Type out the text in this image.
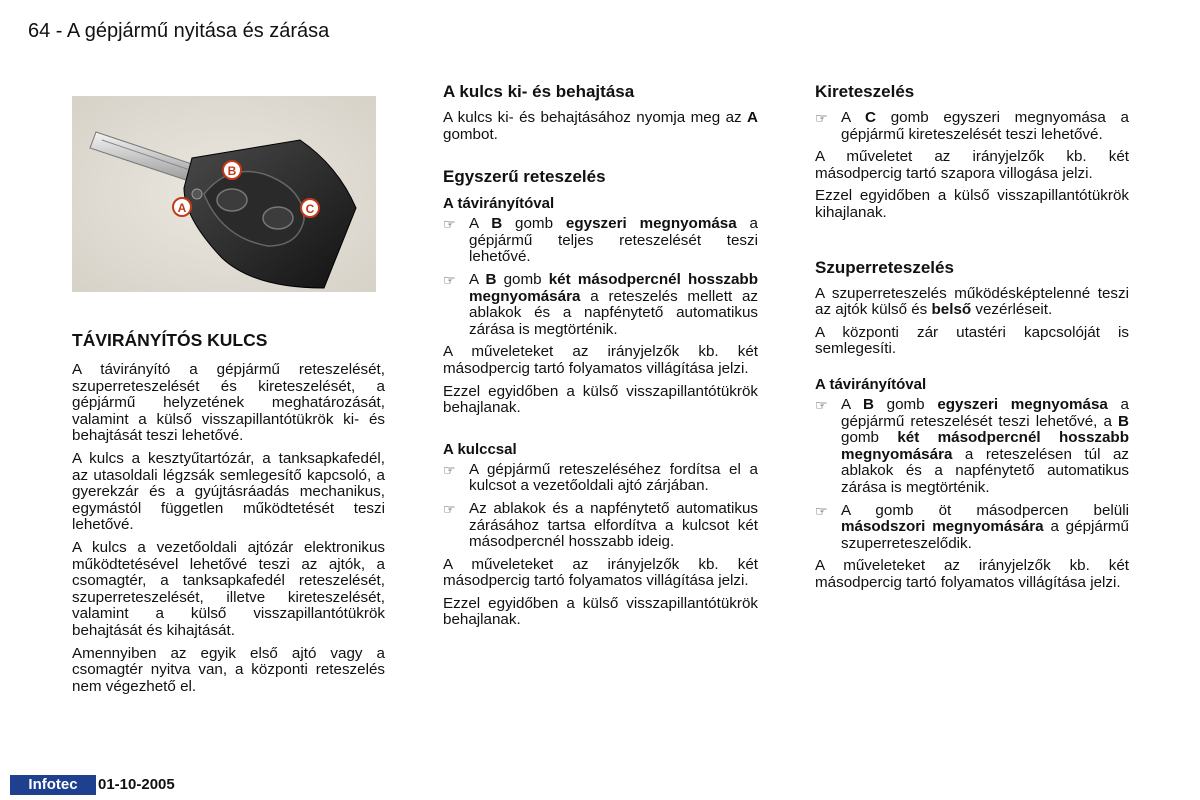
64 - A gépjármű nyitása és zárása
A
B
C
TÁVIRÁNYÍTÓS KULCS

A távirányító a gépjármű reteszelését, szuperreteszelését és kireteszelését, a gépjármű helyzetének meghatározását, valamint a külső visszapillantótükrök ki- és behajtását teszi lehetővé.

A kulcs a kesztyűtartózár, a tanksapkafedél, az utasoldali légzsák semlegesítő kapcsoló, a gyerekzár és a gyújtásráadás mechanikus, egymástól független működtetését teszi lehetővé.

A kulcs a vezetőoldali ajtózár elektronikus működtetésével lehetővé teszi az ajtók, a csomagtér, a tanksapkafedél reteszelését, szuperreteszelését, illetve kireteszelését, valamint a külső visszapillantótükrök behajtását és kihajtását.

Amennyiben az egyik első ajtó vagy a csomagtér nyitva van, a központi reteszelés nem végezhető el.

A kulcs ki- és behajtása

A kulcs ki- és behajtásához nyomja meg az A gombot.

Egyszerű reteszelés
A távirányítóval
☞ A B gomb egyszeri megnyomása a gépjármű teljes reteszelését teszi lehetővé.
☞ A B gomb két másodpercnél hosszabb megnyomására a reteszelés mellett az ablakok és a napfénytető automatikus zárása is megtörténik.

A műveleteket az irányjelzők kb. két másodpercig tartó folyamatos villágítása jelzi.

Ezzel egyidőben a külső visszapillantótükrök behajlanak.

A kulccsal
☞ A gépjármű reteszeléséhez fordítsa el a kulcsot a vezetőoldali ajtó zárjában.
☞ Az ablakok és a napfénytető automatikus zárásához tartsa elfordítva a kulcsot két másodpercnél hosszabb ideig.

A műveleteket az irányjelzők kb. két másodpercig tartó folyamatos villágítása jelzi.

Ezzel egyidőben a külső visszapillantótükrök behajlanak.

Kireteszelés
☞ A C gomb egyszeri megnyomása a gépjármű kireteszelését teszi lehetővé.

A műveletet az irányjelzők kb. két másodpercig tartó szapora villogása jelzi.

Ezzel egyidőben a külső visszapillantótükrök kihajlanak.

Szuperreteszelés

A szuperreteszelés működésképtelenné teszi az ajtók külső és belső vezérléseit.

A központi zár utastéri kapcsolóját is semlegesíti.

A távirányítóval
☞ A B gomb egyszeri megnyomása a gépjármű reteszelését teszi lehetővé, a B gomb két másodpercnél hosszabb megnyomására a reteszelésen túl az ablakok és a napfénytető automatikus zárása is megtörténik.
☞ A gomb öt másodpercen belüli másodszori megnyomására a gépjármű szuperreteszelődik.

A műveleteket az irányjelzők kb. két másodpercig tartó folyamatos villágítása jelzi.

Infotec	01-10-2005
